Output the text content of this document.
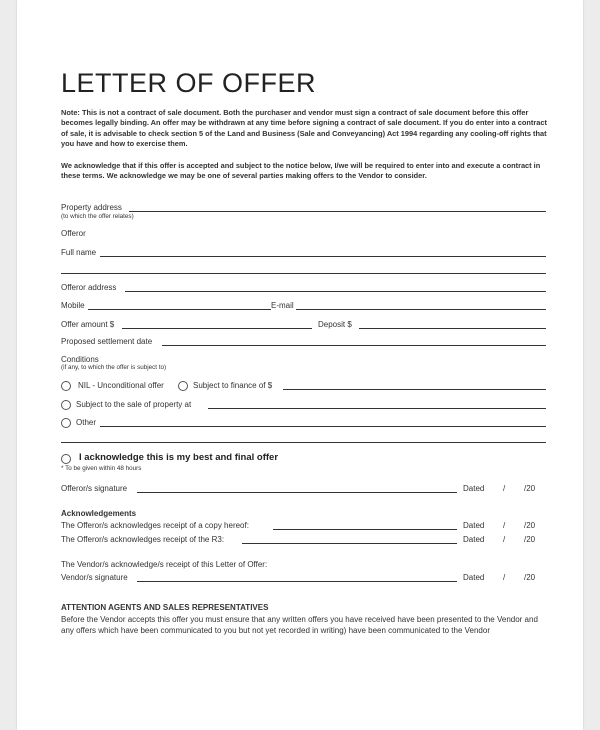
LETTER OF OFFER
Note: This is not a contract of sale document. Both the purchaser and vendor must sign a contract of sale document before this offer becomes legally binding. An offer may be withdrawn at any time before signing a contract of sale document. If you do enter into a contract of sale, it is advisable to check section 5 of the Land and Business (Sale and Conveyancing) Act 1994 regarding any cooling-off rights that you have and how to exercise them.
We acknowledge that if this offer is accepted and subject to the notice below, I/we will be required to enter into and execute a contract in these terms. We acknowledge we may be one of several parties making offers to the Vendor to consider.
Property address
(to which the offer relates)
Offeror
Full name
Offeror address
Mobile	E-mail
Offer amount $	Deposit $
Proposed settlement date
Conditions
(if any, to which the offer is subject to)
NIL - Unconditional offer	Subject to finance of $
Subject to the sale of property at
Other
I acknowledge this is my best and final offer
* To be given within 48 hours
Offeror/s signature	Dated / /20
Acknowledgements
The Offeror/s acknowledges receipt of a copy hereof:	Dated / /20
The Offeror/s acknowledges receipt of the R3:	Dated / /20
The Vendor/s acknowledge/s receipt of this Letter of Offer:
Vendor/s signature	Dated / /20
ATTENTION AGENTS AND SALES REPRESENTATIVES
Before the Vendor accepts this offer you must ensure that any written offers you have received have been presented to the Vendor and any offers which have been communicated to you but not yet recorded in writing) have been communicated to the Vendor
